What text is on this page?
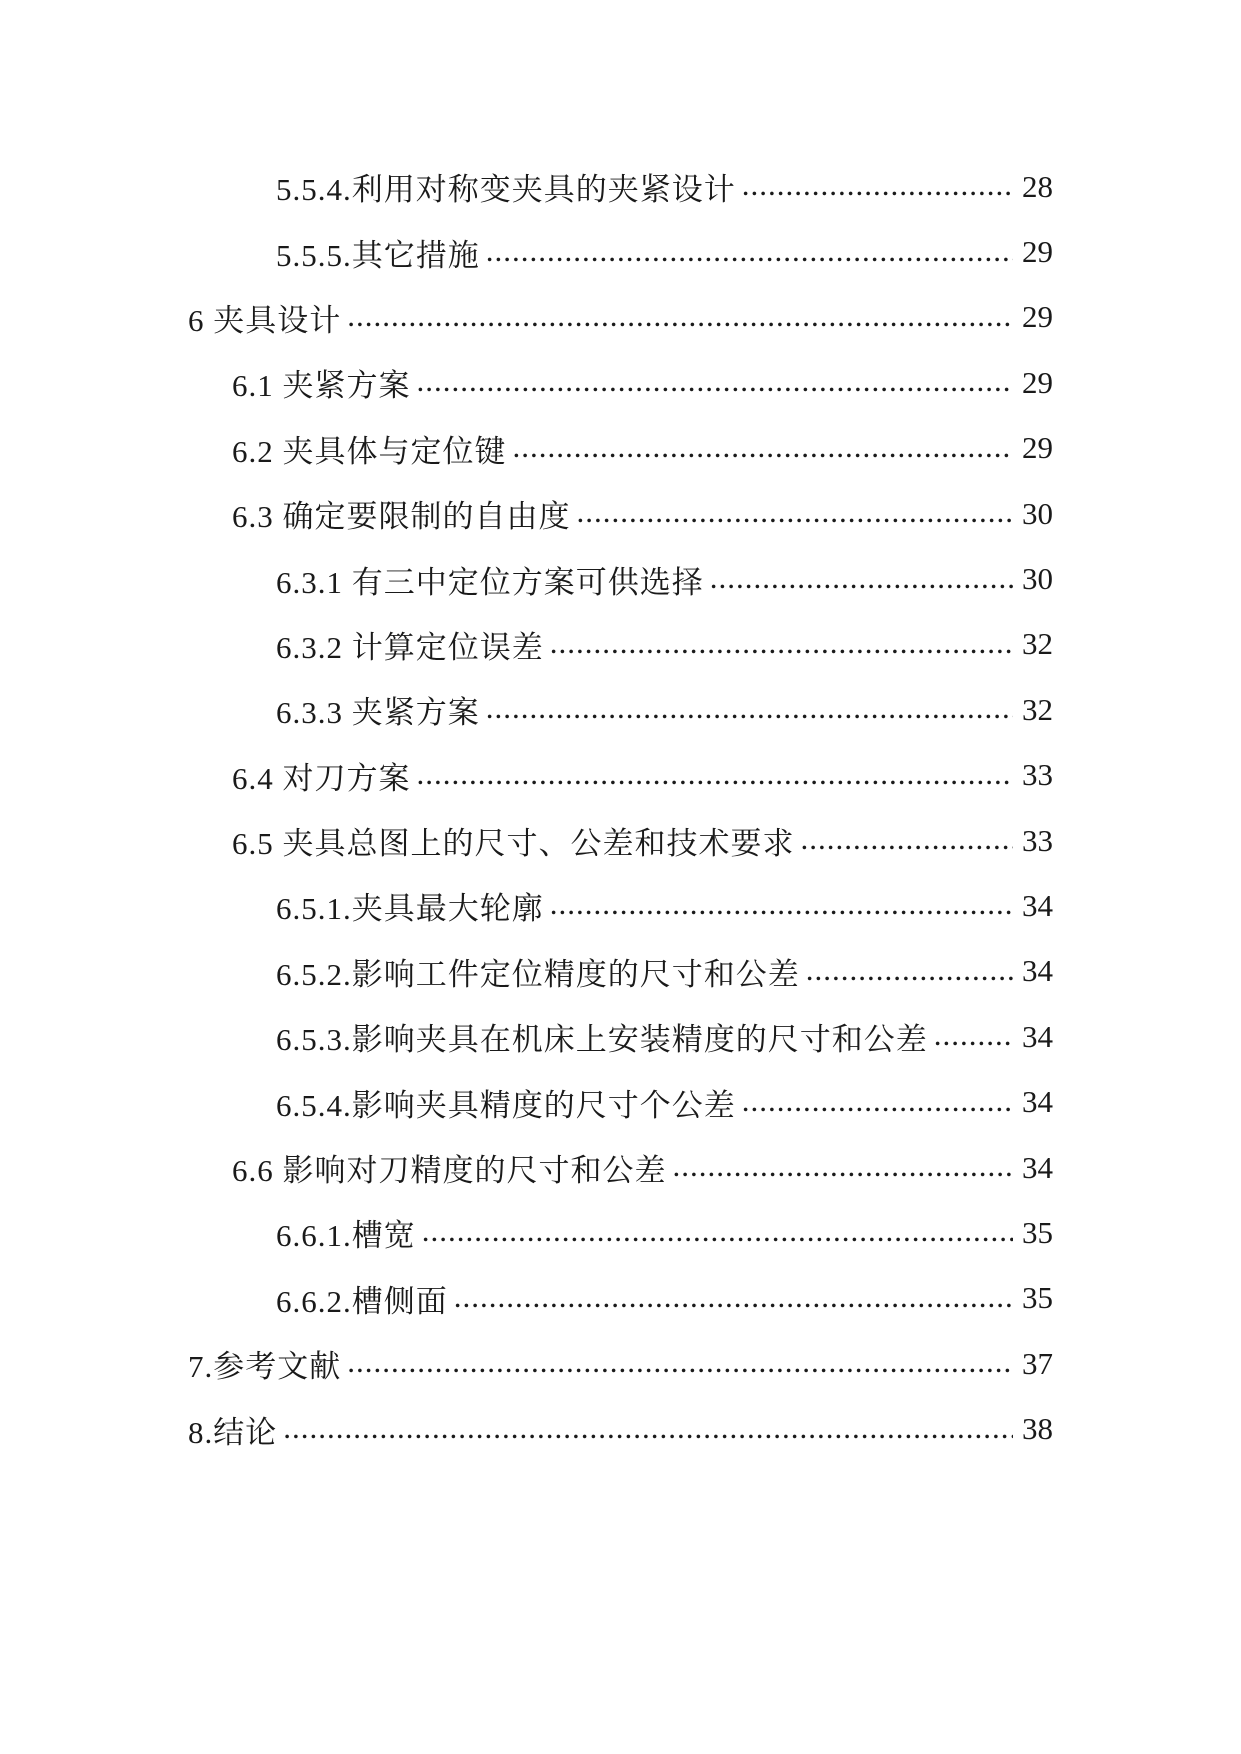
5.5.4.利用对称变夹具的夹紧设计 .....	28
5.5.5.其它措施 .....	29
6 夹具设计 .....	29
6.1 夹紧方案 .....	29
6.2 夹具体与定位键 .....	29
6.3 确定要限制的自由度 .....	30
6.3.1 有三中定位方案可供选择 .....	30
6.3.2 计算定位误差 .....	32
6.3.3 夹紧方案 .....	32
6.4 对刀方案 .....	33
6.5 夹具总图上的尺寸、公差和技术要求 .....	33
6.5.1.夹具最大轮廓 .....	34
6.5.2.影响工件定位精度的尺寸和公差 .....	34
6.5.3.影响夹具在机床上安装精度的尺寸和公差 .....	34
6.5.4.影响夹具精度的尺寸个公差 .....	34
6.6 影响对刀精度的尺寸和公差 .....	34
6.6.1.槽宽 .....	35
6.6.2.槽侧面 .....	35
7.参考文献 .....	37
8.结论 .....	38
